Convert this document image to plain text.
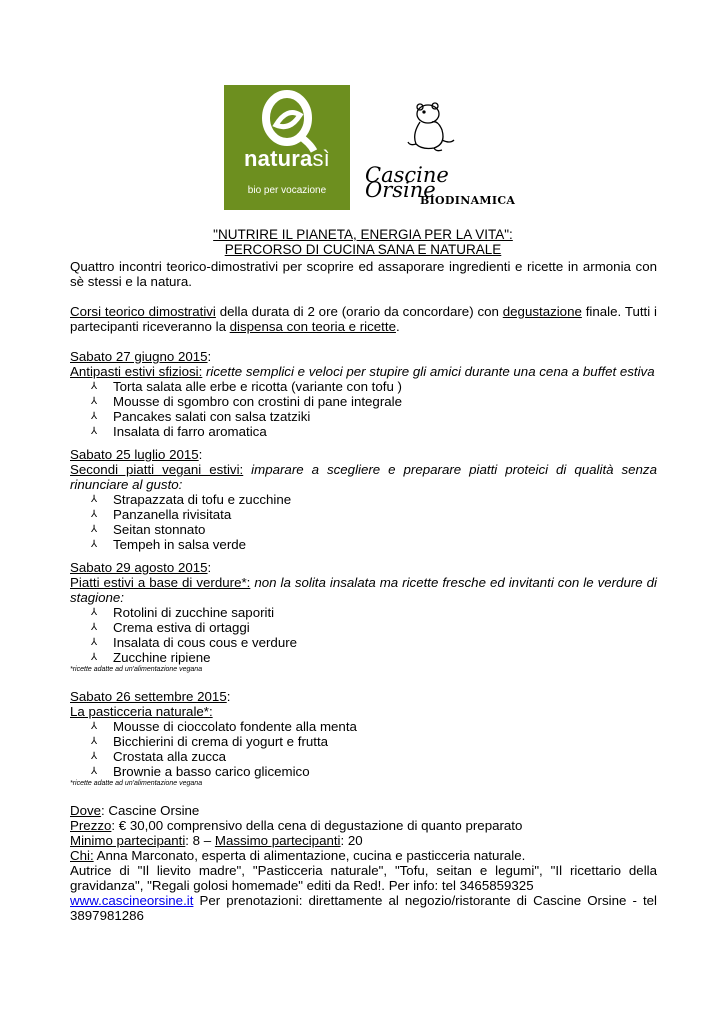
naturasì
bio per vocazione
Cascine Orsine
BIODINAMICA
"NUTRIRE IL PIANETA, ENERGIA PER LA VITA":
PERCORSO DI CUCINA SANA E NATURALE

Quattro incontri teorico-dimostrativi per scoprire ed assaporare ingredienti e ricette in armonia con sè stessi e la natura.

Corsi teorico dimostrativi della durata di 2 ore (orario da concordare) con degustazione finale. Tutti i partecipanti riceveranno la dispensa con teoria e ricette.

Sabato 27 giugno 2015:

Antipasti estivi sfiziosi: ricette semplici e veloci per stupire gli amici durante una cena a buffet estiva

⅄ Torta salata alle erbe e ricotta (variante con tofu )
⅄ Mousse di sgombro con crostini di pane integrale
⅄ Pancakes salati con salsa tzatziki
⅄ Insalata di farro aromatica

Sabato 25 luglio 2015:

Secondi piatti vegani estivi: imparare a scegliere e preparare piatti proteici di qualità senza rinunciare al gusto:

⅄ Strapazzata di tofu e zucchine
⅄ Panzanella rivisitata
⅄ Seitan stonnato
⅄ Tempeh in salsa verde

Sabato 29 agosto 2015:

Piatti estivi a base di verdure*: non la solita insalata ma ricette fresche ed invitanti con le verdure di stagione:

⅄ Rotolini di zucchine saporiti
⅄ Crema estiva di ortaggi
⅄ Insalata di cous cous e verdure
⅄ Zucchine ripiene

*ricette adatte ad un'alimentazione vegana

Sabato 26 settembre 2015:

La pasticceria naturale*:

⅄ Mousse di cioccolato fondente alla menta
⅄ Bicchierini di crema di yogurt e frutta
⅄ Crostata alla zucca
⅄ Brownie a basso carico glicemico

*ricette adatte ad un'alimentazione vegana

Dove: Cascine Orsine

Prezzo: € 30,00 comprensivo della cena di degustazione di quanto preparato

Minimo partecipanti: 8 – Massimo partecipanti: 20

Chi: Anna Marconato, esperta di alimentazione, cucina e pasticceria naturale.

Autrice di "Il lievito madre", "Pasticceria naturale", "Tofu, seitan e legumi", "Il ricettario della gravidanza", "Regali golosi homemade" editi da Red!. Per info: tel 3465859325

www.cascineorsine.it Per prenotazioni: direttamente al negozio/ristorante di Cascine Orsine - tel 3897981286
